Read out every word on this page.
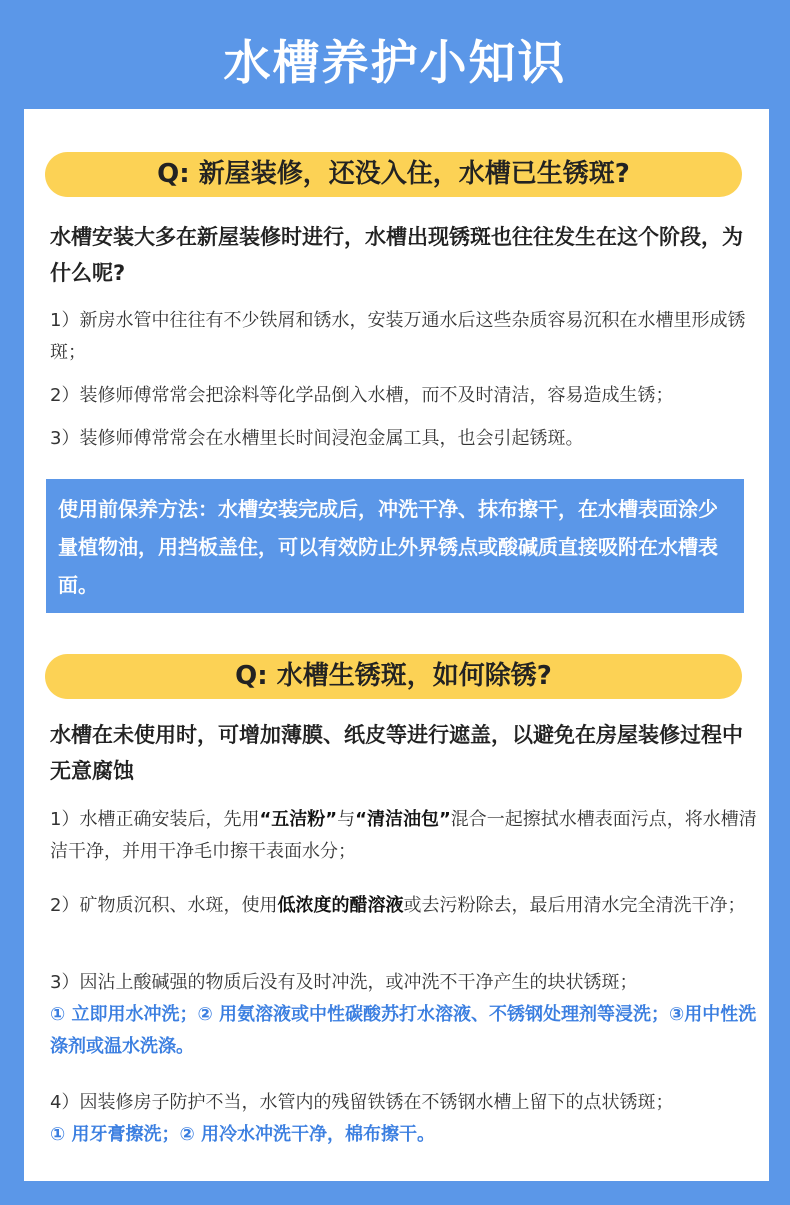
水槽养护小知识
Q: 新屋装修，还没入住，水槽已生锈斑?
水槽安装大多在新屋装修时进行，水槽出现锈斑也往往发生在这个阶段，为什么呢?
1）新房水管中往往有不少铁屑和锈水，安装万通水后这些杂质容易沉积在水槽里形成锈斑；
2）装修师傅常常会把涂料等化学品倒入水槽，而不及时清洁，容易造成生锈；
3）装修师傅常常会在水槽里长时间浸泡金属工具，也会引起锈斑。
使用前保养方法：水槽安装完成后，冲洗干净、抹布擦干，在水槽表面涂少量植物油，用挡板盖住，可以有效防止外界锈点或酸碱质直接吸附在水槽表面。
Q: 水槽生锈斑，如何除锈?
水槽在未使用时，可增加薄膜、纸皮等进行遮盖，以避免在房屋装修过程中无意腐蚀
1）水槽正确安装后，先用“五洁粉”与“清洁油包”混合一起擦拭水槽表面污点，将水槽清洁干净，并用干净毛巾擦干表面水分；
2）矿物质沉积、水斑，使用低浓度的醋溶液或去污粉除去，最后用清水完全清洗干净；
3）因沾上酸碱强的物质后没有及时冲洗，或冲洗不干净产生的块状锈斑；
① 立即用水冲洗；② 用氨溶液或中性碳酸苏打水溶液、不锈钢处理剂等浸洗；③用中性洗涤剂或温水洗涤。
4）因装修房子防护不当，水管内的残留铁锈在不锈钢水槽上留下的点状锈斑；
① 用牙膏擦洗；② 用冷水冲洗干净，棉布擦干。
